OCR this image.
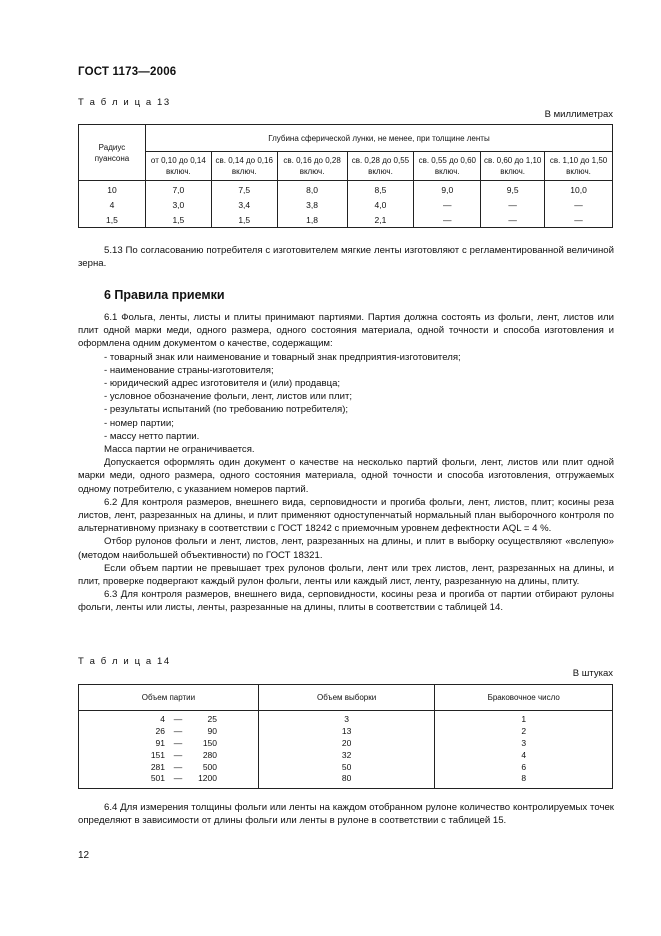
ГОСТ 1173—2006
Т а б л и ц а 13
В миллиметрах
Радиус пуансона	Глубина сферической лунки, не менее, при толщине ленты						
	от 0,10 до 0,14 включ.	св. 0,14 до 0,16 включ.	св. 0,16 до 0,28 включ.	св. 0,28 до 0,55 включ.	св. 0,55 до 0,60 включ.	св. 0,60 до 1,10 включ.	св. 1,10 до 1,50 включ.
10	7,0	7,5	8,0	8,5	9,0	9,5	10,0
4	3,0	3,4	3,8	4,0	—	—	—
1,5	1,5	1,5	1,8	2,1	—	—	—

5.13 По согласованию потребителя с изготовителем мягкие ленты изготовляют с регламентированной величиной зерна.

6 Правила приемки

6.1 Фольга, ленты, листы и плиты принимают партиями. Партия должна состоять из фольги, лент, листов или плит одной марки меди, одного размера, одного состояния материала, одной точности и способа изготовления и оформлена одним документом о качестве, содержащим:

- товарный знак или наименование и товарный знак предприятия-изготовителя;

- наименование страны-изготовителя;

- юридический адрес изготовителя и (или) продавца;

- условное обозначение фольги, лент, листов или плит;

- результаты испытаний (по требованию потребителя);

- номер партии;

- массу нетто партии.

Масса партии не ограничивается.

Допускается оформлять один документ о качестве на несколько партий фольги, лент, листов или плит одной марки меди, одного размера, одного состояния материала, одной точности и способа изготовления, отгружаемых одному потребителю, с указанием номеров партий.

6.2 Для контроля размеров, внешнего вида, серповидности и прогиба фольги, лент, листов, плит; косины реза листов, лент, разрезанных на длины, и плит применяют одноступенчатый нормальный план выборочного контроля по альтернативному признаку в соответствии с ГОСТ 18242 с приемочным уровнем дефектности AQL = 4 %.

Отбор рулонов фольги и лент, листов, лент, разрезанных на длины, и плит в выборку осуществляют «вслепую» (методом наибольшей объективности) по ГОСТ 18321.

Если объем партии не превышает трех рулонов фольги, лент или трех листов, лент, разрезанных на длины, и плит, проверке подвергают каждый рулон фольги, ленты или каждый лист, ленту, разрезанную на длины, плиту.

6.3 Для контроля размеров, внешнего вида, серповидности, косины реза и прогиба от партии отбирают рулоны фольги, ленты или листы, ленты, разрезанные на длины, плиты в соответствии с таблицей 14.

Т а б л и ц а 14
В штуках
Объем партии	Объем выборки	Браковочное число
4 — 25	3	1
26 — 90	13	2
91 — 150	20	3
151 — 280	32	4
281 — 500	50	6
501 — 1200	80	8

6.4 Для измерения толщины фольги или ленты на каждом отобранном рулоне количество контролируемых точек определяют в зависимости от длины фольги или ленты в рулоне в соответствии с таблицей 15.

12
